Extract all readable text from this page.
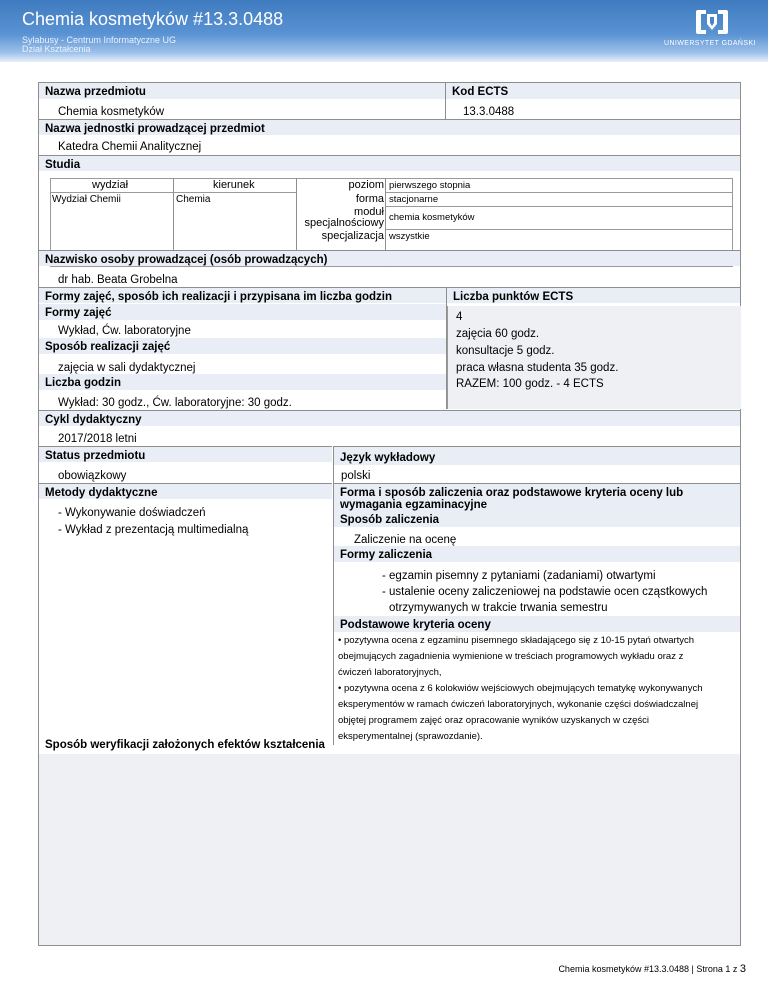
Chemia kosmetyków #13.3.0488
Sylabusy - Centrum Informatyczne UG
Dział Kształcenia
UNIWERSYTET GDAŃSKI
Nazwa przedmiotu	Kod ECTS
Chemia kosmetyków	13.3.0488
Nazwa jednostki prowadzącej przedmiot
Katedra Chemii Analitycznej
Studia
wydział	kierunek
Wydział Chemii	Chemia
poziom pierwszego stopnia
forma stacjonarne
moduł
specjalnościowy chemia kosmetyków
specjalizacja wszystkie
Nazwisko osoby prowadzącej (osób prowadzących)
dr hab. Beata Grobelna
Formy zajęć, sposób ich realizacji i przypisana im liczba godzin	Liczba punktów ECTS
Formy zajęć
Wykład, Ćw. laboratoryjne
Sposób realizacji zajęć
zajęcia w sali dydaktycznej
Liczba godzin
Wykład: 30 godz., Ćw. laboratoryjne: 30 godz.
4
zajęcia 60 godz.
konsultacje 5 godz.
praca własna studenta 35 godz.
RAZEM: 100 godz. - 4 ECTS
Cykl dydaktyczny
2017/2018 letni
Status przedmiotu
obowiązkowy
Język wykładowy
polski
Metody dydaktyczne
- Wykonywanie doświadczeń
- Wykład z prezentacją multimedialną
Forma i sposób zaliczenia oraz podstawowe kryteria oceny lub
wymagania egzaminacyjne
Sposób zaliczenia
Zaliczenie na ocenę
Formy zaliczenia
- egzamin pisemny z pytaniami (zadaniami) otwartymi
- ustalenie oceny zaliczeniowej na podstawie ocen cząstkowych
otrzymywanych w trakcie trwania semestru
Podstawowe kryteria oceny
• pozytywna ocena z egzaminu pisemnego składającego się z 10-15 pytań otwartych
obejmujących zagadnienia wymienione w treściach programowych wykładu oraz z
ćwiczeń laboratoryjnych,
• pozytywna ocena z 6 kolokwiów wejściowych obejmujących tematykę wykonywanych
eksperymentów w ramach ćwiczeń laboratoryjnych, wykonanie części doświadczalnej
objętej programem zajęć oraz opracowanie wyników uzyskanych w części
eksperymentalnej (sprawozdanie).
Sposób weryfikacji założonych efektów kształcenia
Chemia kosmetyków #13.3.0488 | Strona 1 z 3
